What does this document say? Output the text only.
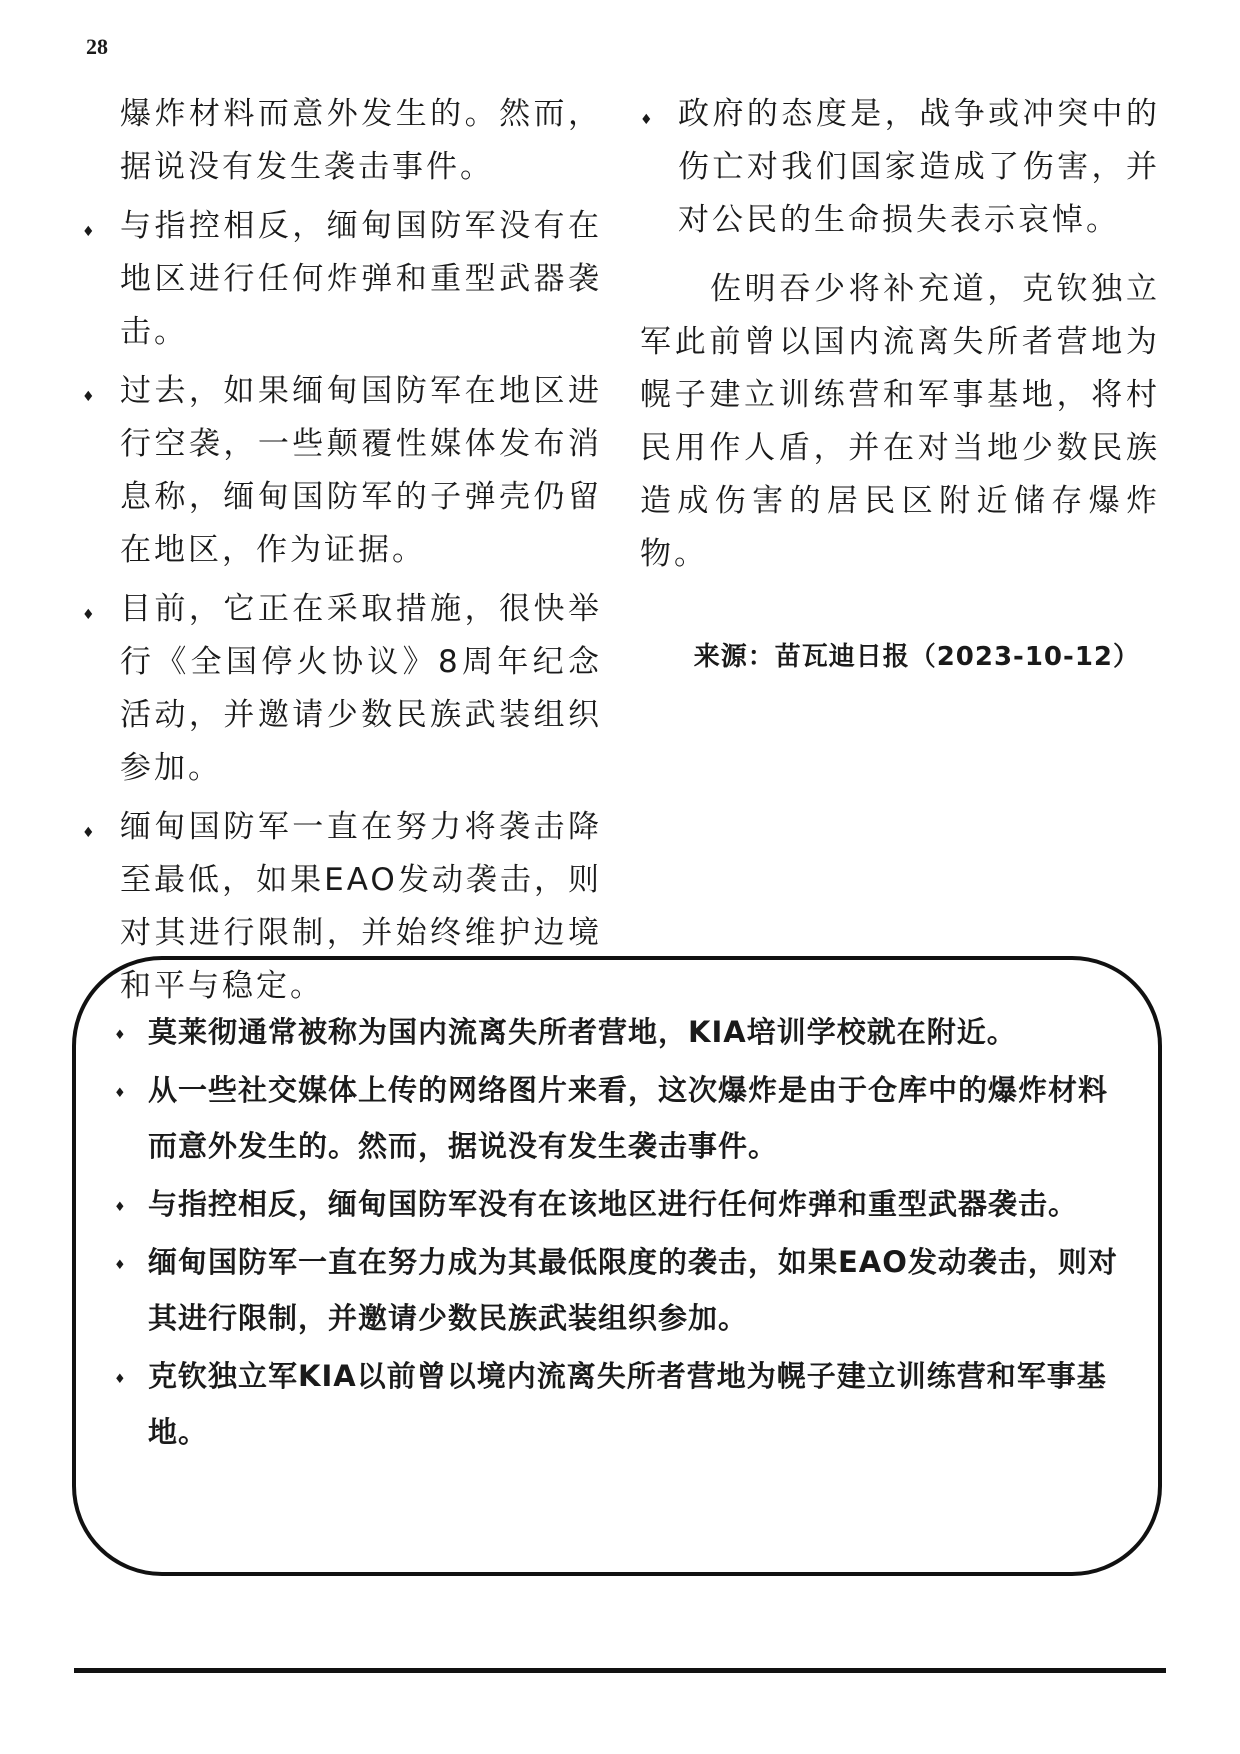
28
爆炸材料而意外发生的。然而，据说没有发生袭击事件。
♦ 与指控相反，缅甸国防军没有在地区进行任何炸弹和重型武器袭击。
♦ 过去，如果缅甸国防军在地区进行空袭，一些颠覆性媒体发布消息称，缅甸国防军的子弹壳仍留在地区，作为证据。
♦ 目前，它正在采取措施，很快举行《全国停火协议》8周年纪念活动，并邀请少数民族武装组织参加。
♦ 缅甸国防军一直在努力将袭击降至最低，如果EAO发动袭击，则对其进行限制，并始终维护边境和平与稳定。
♦ 政府的态度是，战争或冲突中的伤亡对我们国家造成了伤害，并对公民的生命损失表示哀悼。

佐明吞少将补充道，克钦独立军此前曾以国内流离失所者营地为幌子建立训练营和军事基地，将村民用作人盾，并在对当地少数民族造成伤害的居民区附近储存爆炸物。

来源：苗瓦迪日报（2023-10-12）
♦ 莫莱彻通常被称为国内流离失所者营地，KIA培训学校就在附近。
♦ 从一些社交媒体上传的网络图片来看，这次爆炸是由于仓库中的爆炸材料而意外发生的。然而，据说没有发生袭击事件。
♦ 与指控相反，缅甸国防军没有在该地区进行任何炸弹和重型武器袭击。
♦ 缅甸国防军一直在努力成为其最低限度的袭击，如果EAO发动袭击，则对其进行限制，并邀请少数民族武装组织参加。
♦ 克钦独立军KIA以前曾以境内流离失所者营地为幌子建立训练营和军事基地。
